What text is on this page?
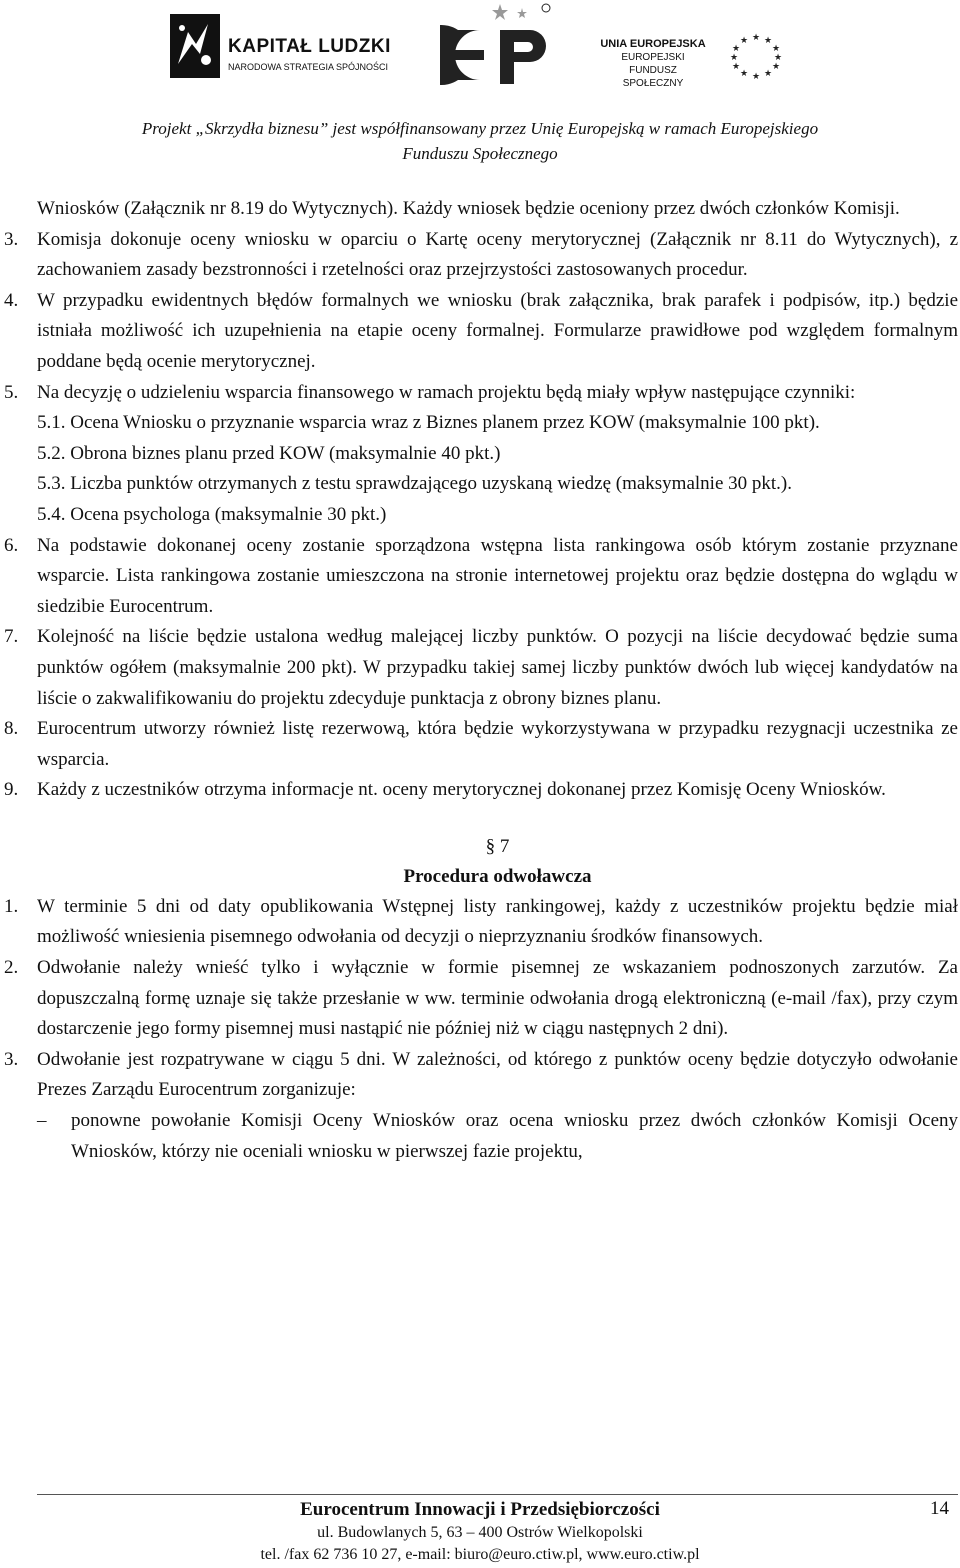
KAPITAŁ LUDZKI
NARODOWA STRATEGIA SPÓJNOŚCI
UNIA EUROPEJSKA
EUROPEJSKI
FUNDUSZ SPOŁECZNY
★ ★
★
★
★
★
★
★
★
★
★
★
Projekt „Skrzydła biznesu” jest współfinansowany przez Unię Europejską w ramach Europejskiego
Funduszu Społecznego

Wniosków (Załącznik nr 8.19 do Wytycznych). Każdy wniosek będzie oceniony przez dwóch członków Komisji.

3. Komisja dokonuje oceny wniosku w oparciu o Kartę oceny merytorycznej (Załącznik nr 8.11 do Wytycznych), z zachowaniem zasady bezstronności i rzetelności oraz przejrzystości zastosowanych procedur.

4. W przypadku ewidentnych błędów formalnych we wniosku (brak załącznika, brak parafek i podpisów, itp.) będzie istniała możliwość ich uzupełnienia na etapie oceny formalnej. Formularze prawidłowe pod względem formalnym poddane będą ocenie merytorycznej.

5. Na decyzję o udzieleniu wsparcia finansowego w ramach projektu będą miały wpływ następujące czynniki:

5.1. Ocena Wniosku o przyznanie wsparcia wraz z Biznes planem przez KOW (maksymalnie 100 pkt).
5.2. Obrona biznes planu przed KOW (maksymalnie 40 pkt.)
5.3. Liczba punktów otrzymanych z testu sprawdzającego uzyskaną wiedzę (maksymalnie 30 pkt.).
5.4. Ocena psychologa (maksymalnie 30 pkt.)
6. Na podstawie dokonanej oceny zostanie sporządzona wstępna lista rankingowa osób którym zostanie przyznane wsparcie. Lista rankingowa zostanie umieszczona na stronie internetowej projektu oraz będzie dostępna do wglądu w siedzibie Eurocentrum.

7. Kolejność na liście będzie ustalona według malejącej liczby punktów. O pozycji na liście decydować będzie suma punktów ogółem (maksymalnie 200 pkt). W przypadku takiej samej liczby punktów dwóch lub więcej kandydatów na liście o zakwalifikowaniu do projektu zdecyduje punktacja z obrony biznes planu.

8. Eurocentrum utworzy również listę rezerwową, która będzie wykorzystywana w przypadku rezygnacji uczestnika ze wsparcia.

9. Każdy z uczestników otrzyma informacje nt. oceny merytorycznej dokonanej przez Komisję Oceny Wniosków.

§ 7
Procedura odwoławcza
1. W terminie 5 dni od daty opublikowania Wstępnej listy rankingowej, każdy z uczestników projektu będzie miał możliwość wniesienia pisemnego odwołania od decyzji o nieprzyznaniu środków finansowych.

2. Odwołanie należy wnieść tylko i wyłącznie w formie pisemnej ze wskazaniem podnoszonych zarzutów. Za dopuszczalną formę uznaje się także przesłanie w ww. terminie odwołania drogą elektroniczną (e-mail /fax), przy czym dostarczenie jego formy pisemnej musi nastąpić nie później niż w ciągu następnych 2 dni).

3. Odwołanie jest rozpatrywane w ciągu 5 dni. W zależności, od którego z punktów oceny będzie dotyczyło odwołanie Prezes Zarządu Eurocentrum zorganizuje:

– ponowne powołanie Komisji Oceny Wniosków oraz ocena wniosku przez dwóch członków Komisji Oceny Wniosków, którzy nie oceniali wniosku w pierwszej fazie projektu,
Eurocentrum Innowacji i Przedsiębiorczości
ul. Budowlanych 5, 63 – 400 Ostrów Wielkopolski
tel. /fax 62 736 10 27, e-mail: biuro@euro.ctiw.pl, www.euro.ctiw.pl
14
